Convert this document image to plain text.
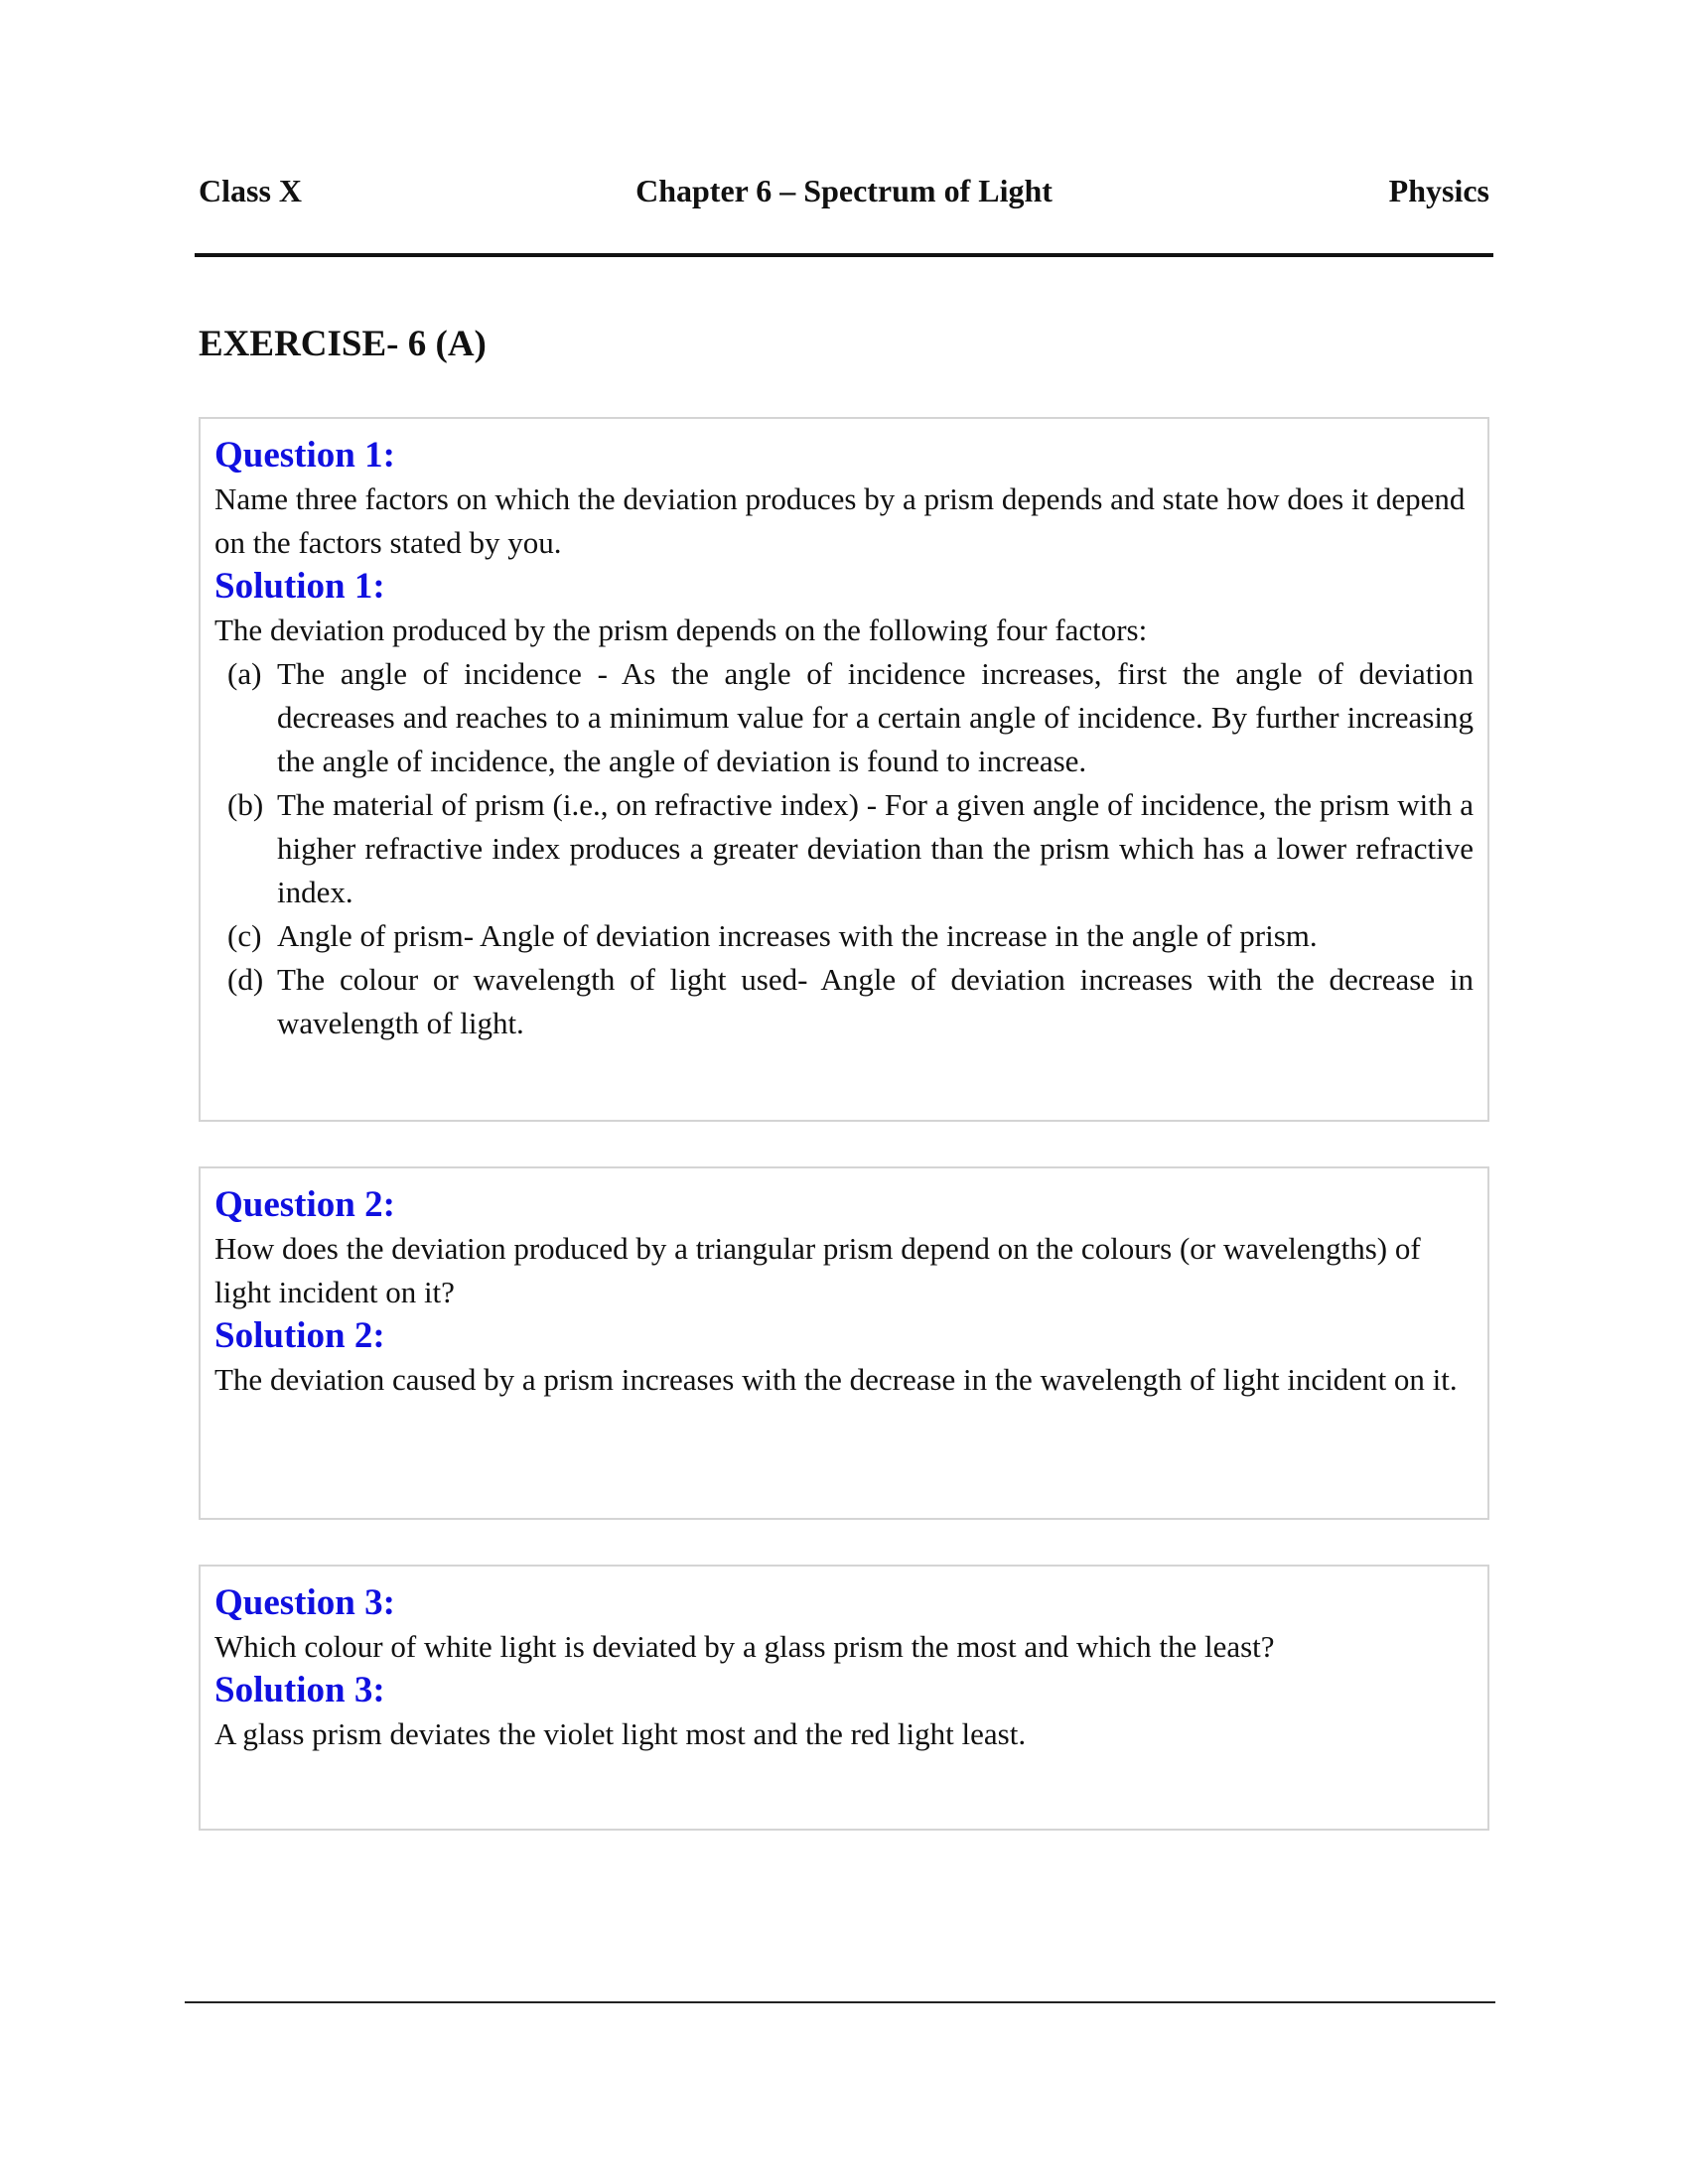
Class X	Chapter 6 – Spectrum of Light	Physics
EXERCISE- 6 (A)

Question 1:

Name three factors on which the deviation produces by a prism depends and state how does it depend on the factors stated by you.

Solution 1:

The deviation produced by the prism depends on the following four factors:

(a) The angle of incidence - As the angle of incidence increases, first the angle of deviation decreases and reaches to a minimum value for a certain angle of incidence. By further increasing the angle of incidence, the angle of deviation is found to increase.
(b) The material of prism (i.e., on refractive index) - For a given angle of incidence, the prism with a higher refractive index produces a greater deviation than the prism which has a lower refractive index.
(c) Angle of prism- Angle of deviation increases with the increase in the angle of prism.
(d) The colour or wavelength of light used- Angle of deviation increases with the decrease in wavelength of light.

Question 2:

How does the deviation produced by a triangular prism depend on the colours (or wavelengths) of light incident on it?

Solution 2:

The deviation caused by a prism increases with the decrease in the wavelength of light incident on it.

Question 3:

Which colour of white light is deviated by a glass prism the most and which the least?

Solution 3:

A glass prism deviates the violet light most and the red light least.
